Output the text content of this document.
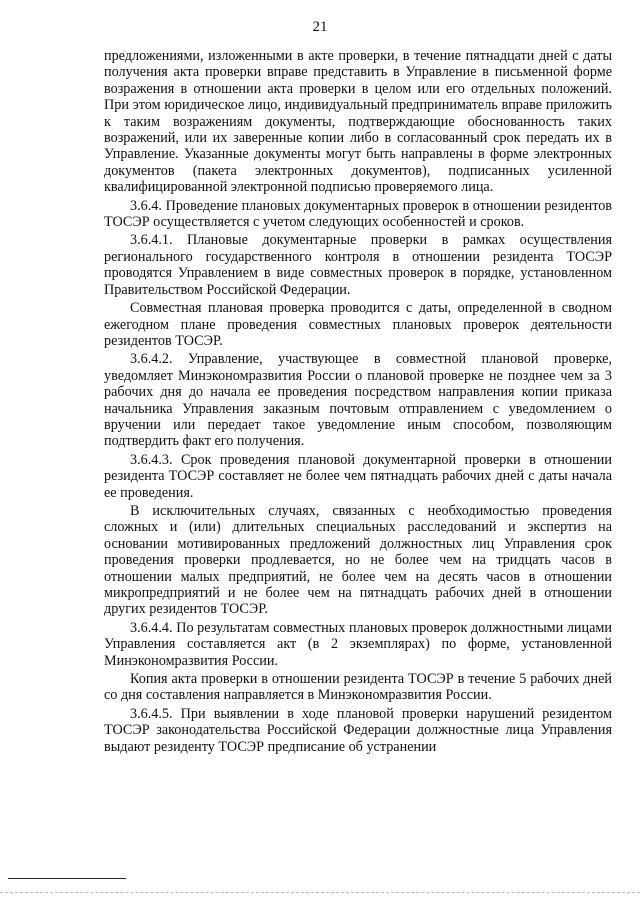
21

предложениями, изложенными в акте проверки, в течение пятнадцати дней с даты получения акта проверки вправе представить в Управление в письменной форме возражения в отношении акта проверки в целом или его отдельных положений. При этом юридическое лицо, индивидуальный предприниматель вправе приложить к таким возражениям документы, подтверждающие обоснованность таких возражений, или их заверенные копии либо в согласованный срок передать их в Управление. Указанные документы могут быть направлены в форме электронных документов (пакета электронных документов), подписанных усиленной квалифицированной электронной подписью проверяемого лица.

3.6.4. Проведение плановых документарных проверок в отношении резидентов ТОСЭР осуществляется с учетом следующих особенностей и сроков.

3.6.4.1. Плановые документарные проверки в рамках осуществления регионального государственного контроля в отношении резидента ТОСЭР проводятся Управлением в виде совместных проверок в порядке, установленном Правительством Российской Федерации.

Совместная плановая проверка проводится с даты, определенной в сводном ежегодном плане проведения совместных плановых проверок деятельности резидентов ТОСЭР.

3.6.4.2. Управление, участвующее в совместной плановой проверке, уведомляет Минэкономразвития России о плановой проверке не позднее чем за 3 рабочих дня до начала ее проведения посредством направления копии приказа начальника Управления заказным почтовым отправлением с уведомлением о вручении или передает такое уведомление иным способом, позволяющим подтвердить факт его получения.

3.6.4.3. Срок проведения плановой документарной проверки в отношении резидента ТОСЭР составляет не более чем пятнадцать рабочих дней с даты начала ее проведения.

В исключительных случаях, связанных с необходимостью проведения сложных и (или) длительных специальных расследований и экспертиз на основании мотивированных предложений должностных лиц Управления срок проведения проверки продлевается, но не более чем на тридцать часов в отношении малых предприятий, не более чем на десять часов в отношении микропредприятий и не более чем на пятнадцать рабочих дней в отношении других резидентов ТОСЭР.

3.6.4.4. По результатам совместных плановых проверок должностными лицами Управления составляется акт (в 2 экземплярах) по форме, установленной Минэкономразвития России.

Копия акта проверки в отношении резидента ТОСЭР в течение 5 рабочих дней со дня составления направляется в Минэкономразвития России.

3.6.4.5. При выявлении в ходе плановой проверки нарушений резидентом ТОСЭР законодательства Российской Федерации должностные лица Управления выдают резиденту ТОСЭР предписание об устранении
